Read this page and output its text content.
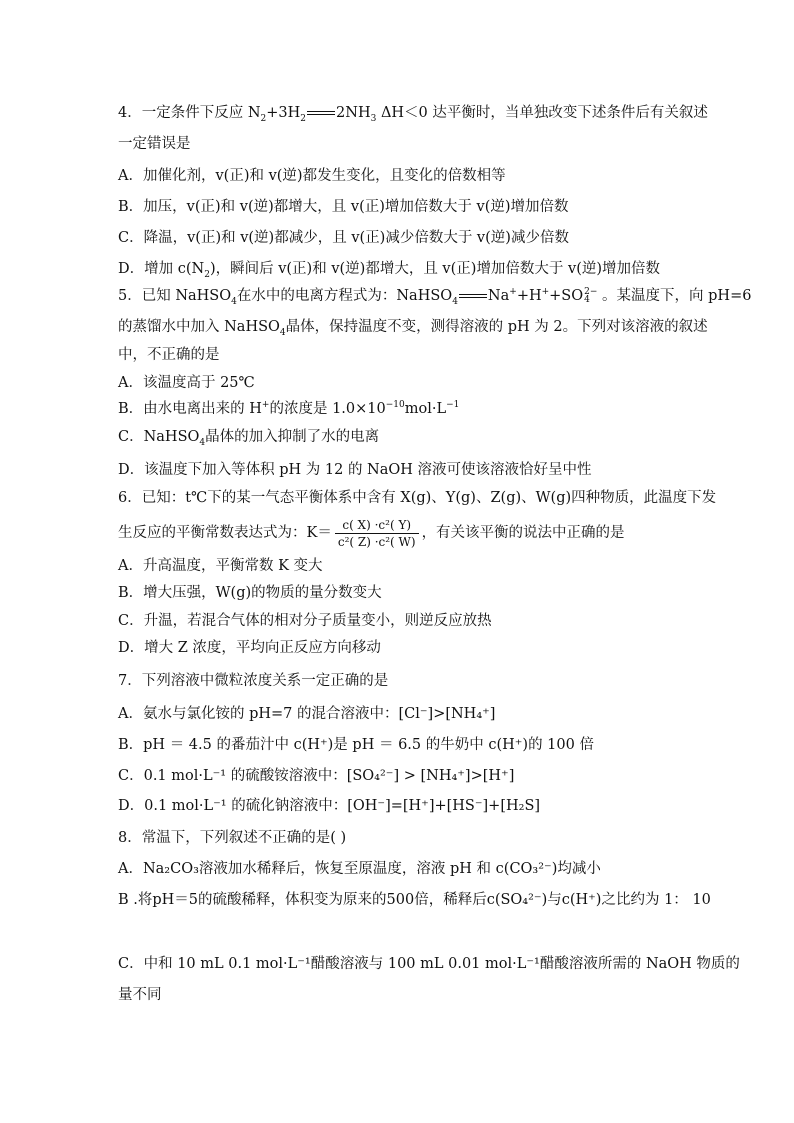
4．一定条件下反应 $N_2+3H_2$ $2NH_3$ ΔH＜0 达平衡时，当单独改变下述条件后有关叙述
一定错误是
A．加催化剂，v(正)和 v(逆)都发生变化，且变化的倍数相等
B．加压，v(正)和 v(逆)都增大，且 v(正)增加倍数大于 v(逆)增加倍数
C．降温，v(正)和 v(逆)都减少，且 v(正)减少倍数大于 v(逆)减少倍数
D．增加 $c(N_2)$，瞬间后 v(正)和 v(逆)都增大，且 v(正)增加倍数大于 v(逆)增加倍数
5．已知 NaHSO$_4$在水中的电离方程式为：NaHSO$_4$ Na++H++SO 2−
4 。某温度下，向 pH=6
的蒸馏水中加入 NaHSO$_4$晶体，保持温度不变，测得溶液的 pH 为 2。下列对该溶液的叙述
中，不正确的是
A．该温度高于 25℃
B．由水电离出来的 H+的浓度是 $1.0\times 10^{-10}mol\cdot L^{-1}$
C．NaHSO$_4$晶体的加入抑制了水的电离
D．该温度下加入等体积 pH 为 12 的 NaOH 溶液可使该溶液恰好呈中性
6．已知：t℃下的某一气态平衡体系中含有 X(g)、Y(g)、Z(g)、W(g)四种物质，此温度下发
生反应的平衡常数表达式为：$K= \frac{\text{c( X) ·c²( Y)}}{\text{c²( Z) ·c²( W)}}$ ，有关该平衡的说法中正确的是
A．升高温度，平衡常数 K 变大
B．增大压强，W(g)的物质的量分数变大
C．升温，若混合气体的相对分子质量变小，则逆反应放热
D．增大 Z 浓度，平均向正反应方向移动
7．下列溶液中微粒浓度关系一定正确的是
A．氨水与氯化铵的 pH=7 的混合溶液中：[Cl⁻]>[NH₄⁺]
B．pH ＝ 4.5 的番茄汁中 c(H⁺)是 pH ＝ 6.5 的牛奶中 c(H⁺)的 100 倍
C．0.1 mol·L⁻¹ 的硫酸铵溶液中：[SO₄²⁻] > [NH₄⁺]>[H⁺]
D．0.1 mol·L⁻¹ 的硫化钠溶液中：[OH⁻]=[H⁺]+[HS⁻]+[H₂S]
8．常温下，下列叙述不正确的是( )
A．Na₂CO₃溶液加水稀释后，恢复至原温度，溶液 pH 和 c(CO₃²⁻)均减小
B .将pH＝5的硫酸稀释，体积变为原来的500倍，稀释后c(SO₄²⁻)与c(H⁺)之比约为 1： 10
C．中和 10 mL 0.1 mol·L⁻¹醋酸溶液与 100 mL 0.01 mol·L⁻¹醋酸溶液所需的 NaOH 物质的
量不同
